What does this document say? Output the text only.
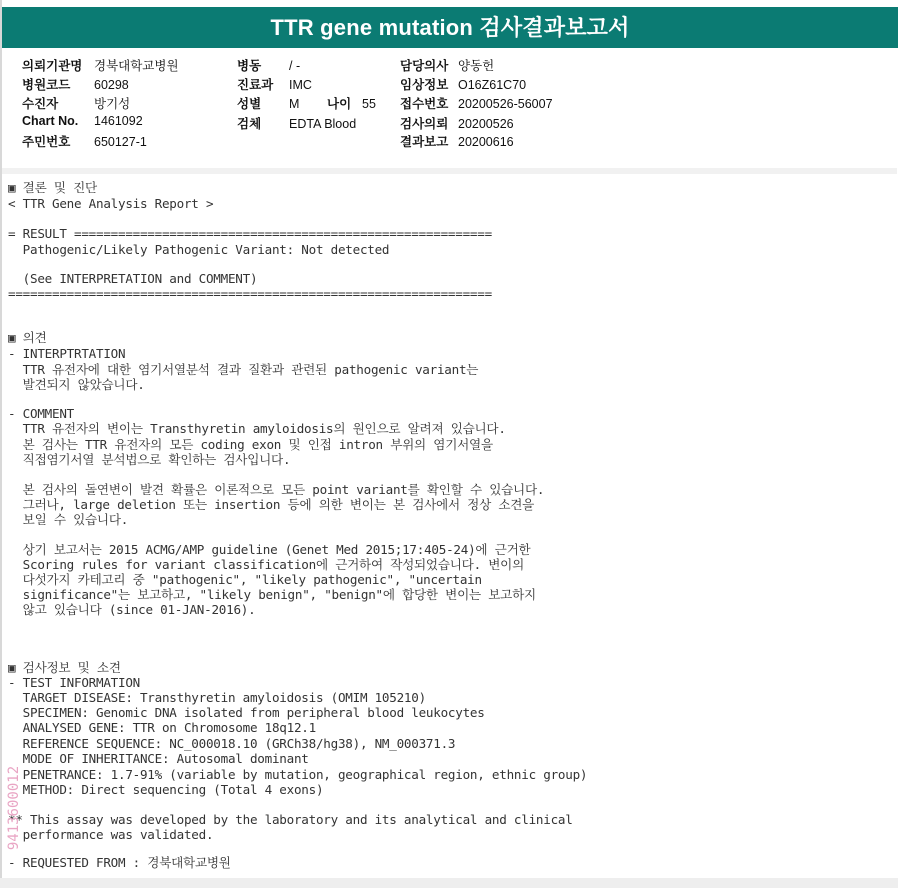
TTR gene mutation 검사결과보고서
의뢰기관명 경북대학교병원
병원코드 60298
수진자	방기성
Chart No. 1461092
주민번호 650127-1
병동 / -
진료과 IMC
성별 M 나이 55
검체 EDTA Blood
담당의사 양동헌
임상정보 O16Z61C70
접수번호 20200526-56007
검사의뢰 20200526
결과보고 20200616
▣ 결론 및 진단
< TTR Gene Analysis Report >
= RESULT =========================================================
Pathogenic/Likely Pathogenic Variant: Not detected
(See INTERPRETATION and COMMENT)
==================================================================
▣ 의견
- INTERPTRTATION
TTR 유전자에 대한 염기서열분석 결과 질환과 관련된 pathogenic variant는
발견되지 않았습니다.
- COMMENT
TTR 유전자의 변이는 Transthyretin amyloidosis의 원인으로 알려져 있습니다.
본 검사는 TTR 유전자의 모든 coding exon 및 인접 intron 부위의 염기서열을
직접염기서열 분석법으로 확인하는 검사입니다.
본 검사의 돌연변이 발견 확률은 이론적으로 모든 point variant를 확인할 수 있습니다.
그러나, large deletion 또는 insertion 등에 의한 변이는 본 검사에서 정상 소견을
보일 수 있습니다.
상기 보고서는 2015 ACMG/AMP guideline (Genet Med 2015;17:405-24)에 근거한
Scoring rules for variant classification에 근거하여 작성되었습니다. 변이의
다섯가지 카테고리 중 "pathogenic", "likely pathogenic", "uncertain
significance"는 보고하고, "likely benign", "benign"에 합당한 변이는 보고하지
않고 있습니다 (since 01-JAN-2016).
▣ 검사정보 및 소견
- TEST INFORMATION
TARGET DISEASE: Transthyretin amyloidosis (OMIM 105210)
SPECIMEN: Genomic DNA isolated from peripheral blood leukocytes
ANALYSED GENE: TTR on Chromosome 18q12.1
REFERENCE SEQUENCE: NC_000018.10 (GRCh38/hg38), NM_000371.3
MODE OF INHERITANCE: Autosomal dominant
PENETRANCE: 1.7-91% (variable by mutation, geographical region, ethnic group)
METHOD: Direct sequencing (Total 4 exons)
** This assay was developed by the laboratory and its analytical and clinical
performance was validated.
- REQUESTED FROM : 경북대학교병원
9413600012
